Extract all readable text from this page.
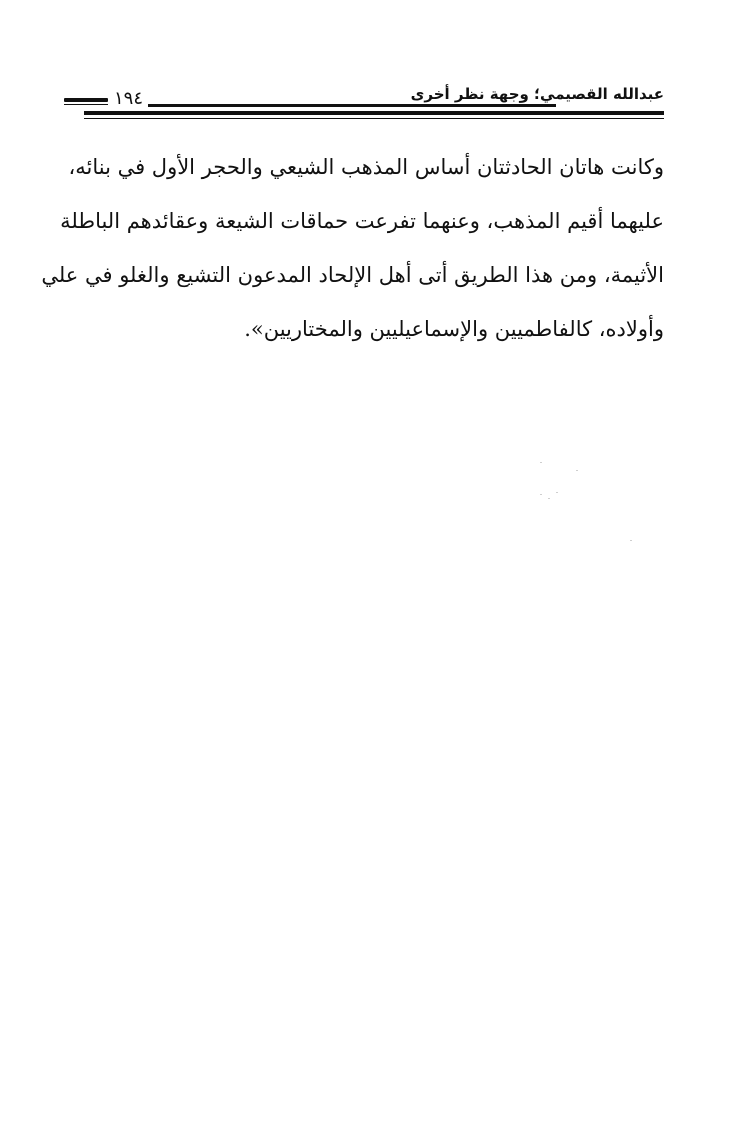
١٩٤	عبدالله القصيمي؛ وجهة نظر أخرى
وكانت هاتان الحادثتان أساس المذهب الشيعي والحجر الأول في بنائه،
عليهما أقيم المذهب، وعنهما تفرعت حماقات الشيعة وعقائدهم الباطلة
الأثيمة، ومن هذا الطريق أتى أهل الإلحاد المدعون التشيع والغلو في علي
وأولاده، كالفاطميين والإسماعيليين والمختاريين».
